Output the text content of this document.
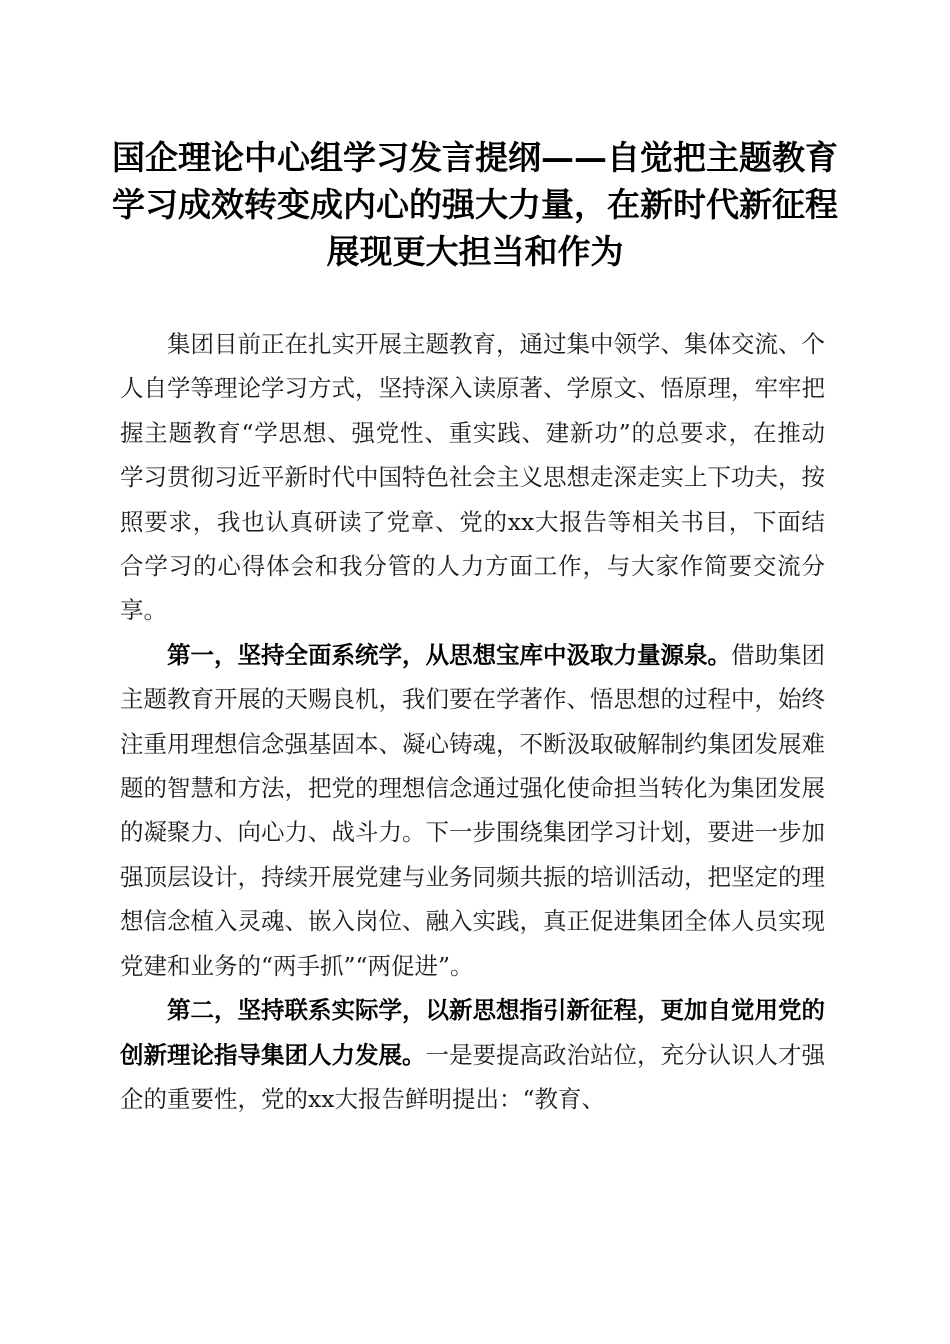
国企理论中心组学习发言提纲——自觉把主题教育学习成效转变成内心的强大力量，在新时代新征程展现更大担当和作为

集团目前正在扎实开展主题教育，通过集中领学、集体交流、个人自学等理论学习方式，坚持深入读原著、学原文、悟原理，牢牢把握主题教育“学思想、强党性、重实践、建新功”的总要求，在推动学习贯彻习近平新时代中国特色社会主义思想走深走实上下功夫，按照要求，我也认真研读了党章、党的xx大报告等相关书目，下面结合学习的心得体会和我分管的人力方面工作，与大家作简要交流分享。

第一，坚持全面系统学，从思想宝库中汲取力量源泉。借助集团主题教育开展的天赐良机，我们要在学著作、悟思想的过程中，始终注重用理想信念强基固本、凝心铸魂，不断汲取破解制约集团发展难题的智慧和方法，把党的理想信念通过强化使命担当转化为集团发展的凝聚力、向心力、战斗力。下一步围绕集团学习计划，要进一步加强顶层设计，持续开展党建与业务同频共振的培训活动，把坚定的理想信念植入灵魂、嵌入岗位、融入实践，真正促进集团全体人员实现党建和业务的“两手抓”“两促进”。

第二，坚持联系实际学，以新思想指引新征程，更加自觉用党的创新理论指导集团人力发展。一是要提高政治站位，充分认识人才强企的重要性，党的xx大报告鲜明提出：“教育、
